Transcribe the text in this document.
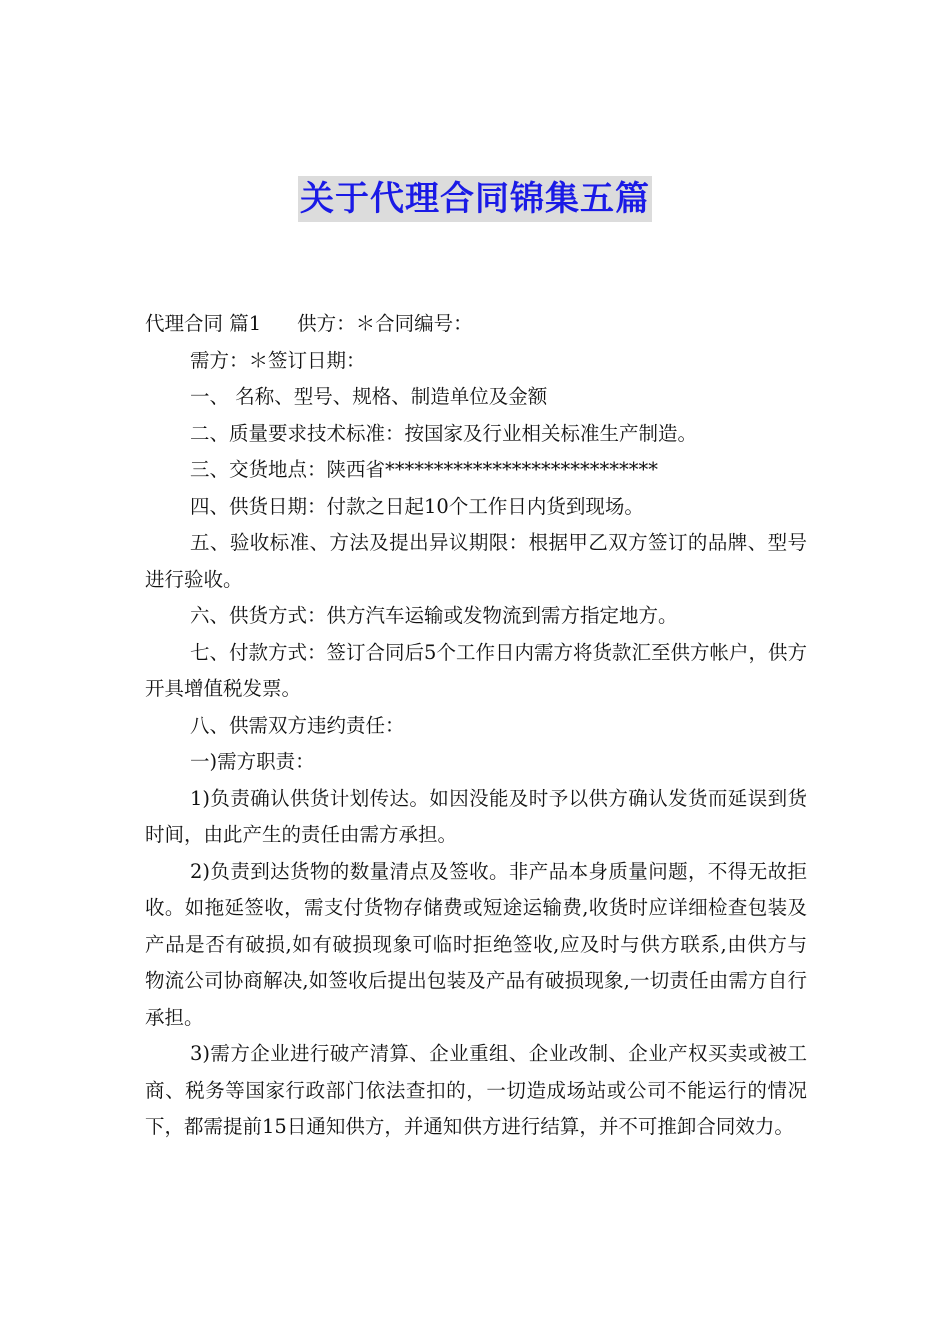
关于代理合同锦集五篇

代理合同 篇1 供方：＊合同编号：

需方：＊签订日期：

一、 名称、型号、规格、制造单位及金额

二、质量要求技术标准：按国家及行业相关标准生产制造。

三、交货地点：陕西省****************************

四、供货日期：付款之日起10个工作日内货到现场。

五、验收标准、方法及提出异议期限：根据甲乙双方签订的品牌、型号进行验收。

六、供货方式：供方汽车运输或发物流到需方指定地方。

七、付款方式：签订合同后5个工作日内需方将货款汇至供方帐户，供方开具增值税发票。

八、供需双方违约责任：

一)需方职责：

1)负责确认供货计划传达。如因没能及时予以供方确认发货而延误到货时间，由此产生的责任由需方承担。

2)负责到达货物的数量清点及签收。非产品本身质量问题，不得无故拒收。如拖延签收，需支付货物存储费或短途运输费,收货时应详细检查包装及产品是否有破损,如有破损现象可临时拒绝签收,应及时与供方联系,由供方与物流公司协商解决,如签收后提出包装及产品有破损现象,一切责任由需方自行承担。

3)需方企业进行破产清算、企业重组、企业改制、企业产权买卖或被工商、税务等国家行政部门依法查扣的，一切造成场站或公司不能运行的情况下，都需提前15日通知供方，并通知供方进行结算，并不可推卸合同效力。
